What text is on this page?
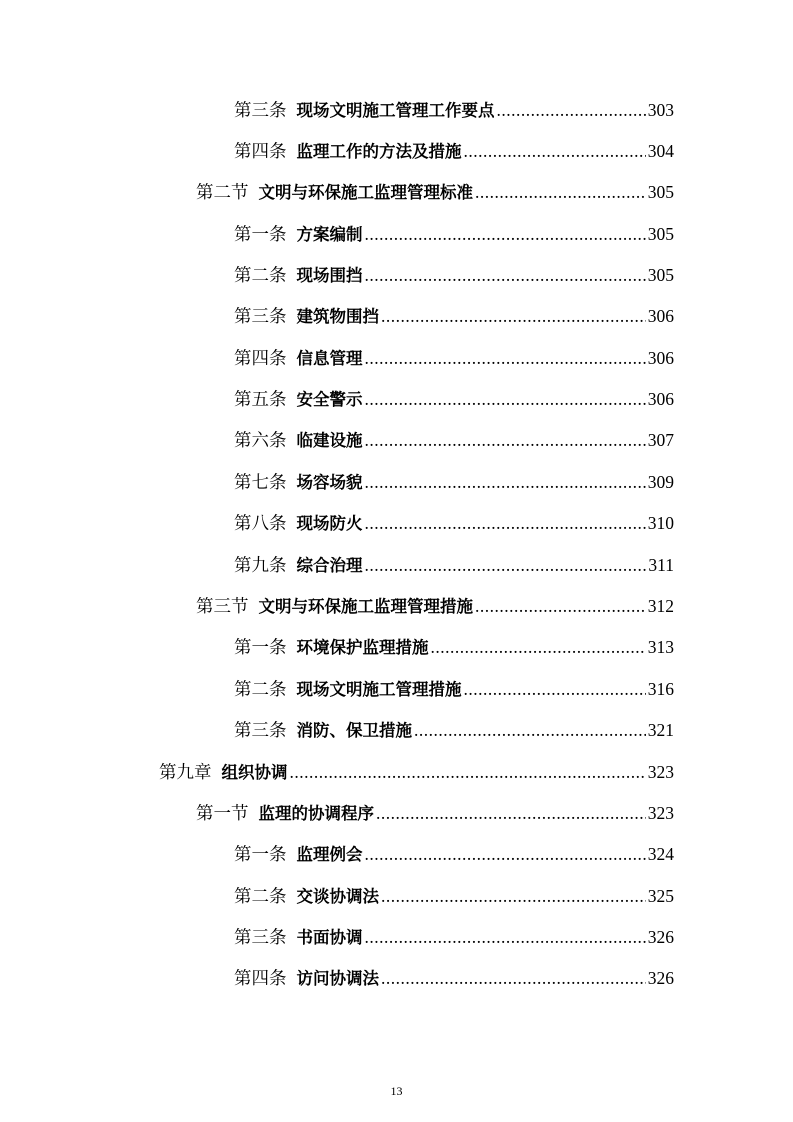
第三条 现场文明施工管理工作要点 .....	303
第四条 监理工作的方法及措施 .....	304
第二节 文明与环保施工监理管理标准 .....	305
第一条 方案编制 .....	305
第二条 现场围挡 .....	305
第三条 建筑物围挡 .....	306
第四条 信息管理 .....	306
第五条 安全警示 .....	306
第六条 临建设施 .....	307
第七条 场容场貌 .....	309
第八条 现场防火 .....	310
第九条 综合治理 .....	311
第三节 文明与环保施工监理管理措施 .....	312
第一条 环境保护监理措施 .....	313
第二条 现场文明施工管理措施 .....	316
第三条 消防、保卫措施 .....	321
第九章 组织协调 .....	323
第一节 监理的协调程序 .....	323
第一条 监理例会 .....	324
第二条 交谈协调法 .....	325
第三条 书面协调 .....	326
第四条 访问协调法 .....	326
13
